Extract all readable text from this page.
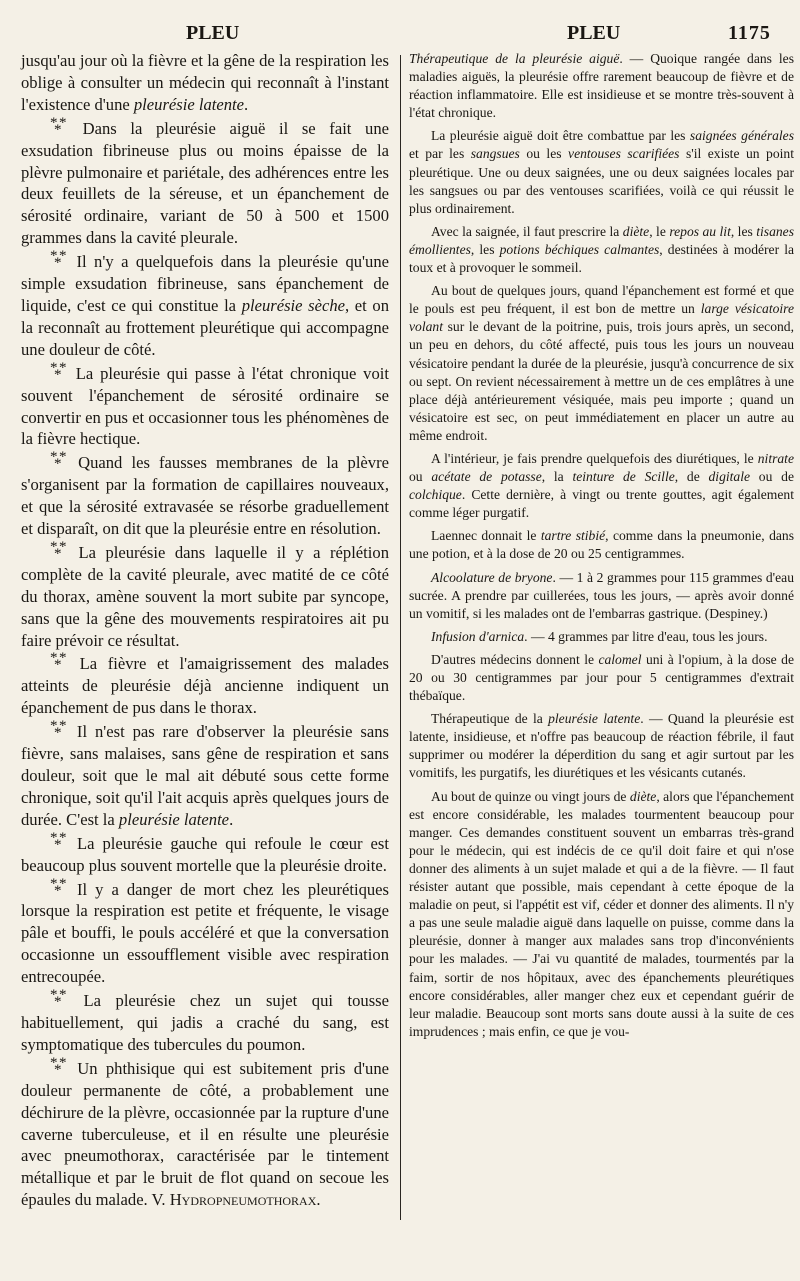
PLEU	PLEU	1175

jusqu'au jour où la fièvre et la gêne de la respiration les oblige à consulter un médecin qui reconnaît à l'instant l'existence d'une pleurésie latente.

* *
* Dans la pleurésie aiguë il se fait une exsudation fibrineuse plus ou moins épaisse de la plèvre pulmonaire et pariétale, des adhérences entre les deux feuillets de la séreuse, et un épanchement de sérosité ordinaire, variant de 50 à 500 et 1500 grammes dans la cavité pleurale.

* *
* Il n'y a quelquefois dans la pleurésie qu'une simple exsudation fibrineuse, sans épanchement de liquide, c'est ce qui constitue la pleurésie sèche, et on la reconnaît au frottement pleurétique qui accompagne une douleur de côté.

* *
* La pleurésie qui passe à l'état chronique voit souvent l'épanchement de sérosité ordinaire se convertir en pus et occasionner tous les phénomènes de la fièvre hectique.

* *
* Quand les fausses membranes de la plèvre s'organisent par la formation de capillaires nouveaux, et que la sérosité extravasée se résorbe graduellement et disparaît, on dit que la pleurésie entre en résolution.

* *
* La pleurésie dans laquelle il y a réplétion complète de la cavité pleurale, avec matité de ce côté du thorax, amène souvent la mort subite par syncope, sans que la gêne des mouvements respiratoires ait pu faire prévoir ce résultat.

* *
* La fièvre et l'amaigrissement des malades atteints de pleurésie déjà ancienne indiquent un épanchement de pus dans le thorax.

* *
* Il n'est pas rare d'observer la pleurésie sans fièvre, sans malaises, sans gêne de respiration et sans douleur, soit que le mal ait débuté sous cette forme chronique, soit qu'il l'ait acquis après quelques jours de durée. C'est la pleurésie latente.

* *
* La pleurésie gauche qui refoule le cœur est beaucoup plus souvent mortelle que la pleurésie droite.

* *
* Il y a danger de mort chez les pleurétiques lorsque la respiration est petite et fréquente, le visage pâle et bouffi, le pouls accéléré et que la conversation occasionne un essoufflement visible avec respiration entrecoupée.

* *
* La pleurésie chez un sujet qui tousse habituellement, qui jadis a craché du sang, est symptomatique des tubercules du poumon.

* *
* Un phthisique qui est subitement pris d'une douleur permanente de côté, a probablement une déchirure de la plèvre, occasionnée par la rupture d'une caverne tuberculeuse, et il en résulte une pleurésie avec pneumothorax, caractérisée par le tintement métallique et par le bruit de flot quand on secoue les épaules du malade. V. Hydropneumothorax.

Thérapeutique de la pleurésie aiguë. — Quoique rangée dans les maladies aiguës, la pleurésie offre rarement beaucoup de fièvre et de réaction inflammatoire. Elle est insidieuse et se montre très-souvent à l'état chronique.

La pleurésie aiguë doit être combattue par les saignées générales et par les sangsues ou les ventouses scarifiées s'il existe un point pleurétique. Une ou deux saignées, une ou deux saignées locales par les sangsues ou par des ventouses scarifiées, voilà ce qui réussit le plus ordinairement.

Avec la saignée, il faut prescrire la diète, le repos au lit, les tisanes émollientes, les potions béchiques calmantes, destinées à modérer la toux et à provoquer le sommeil.

Au bout de quelques jours, quand l'épanchement est formé et que le pouls est peu fréquent, il est bon de mettre un large vésicatoire volant sur le devant de la poitrine, puis, trois jours après, un second, un peu en dehors, du côté affecté, puis tous les jours un nouveau vésicatoire pendant la durée de la pleurésie, jusqu'à concurrence de six ou sept. On revient nécessairement à mettre un de ces emplâtres à une place déjà antérieurement vésiquée, mais peu importe ; quand un vésicatoire est sec, on peut immédiatement en placer un autre au même endroit.

A l'intérieur, je fais prendre quelquefois des diurétiques, le nitrate ou acétate de potasse, la teinture de Scille, de digitale ou de colchique. Cette dernière, à vingt ou trente gouttes, agit également comme léger purgatif.

Laennec donnait le tartre stibié, comme dans la pneumonie, dans une potion, et à la dose de 20 ou 25 centigrammes.

Alcoolature de bryone. — 1 à 2 grammes pour 115 grammes d'eau sucrée. A prendre par cuillerées, tous les jours, — après avoir donné un vomitif, si les malades ont de l'embarras gastrique. (Despiney.)

Infusion d'arnica. — 4 grammes par litre d'eau, tous les jours.

D'autres médecins donnent le calomel uni à l'opium, à la dose de 20 ou 30 centigrammes par jour pour 5 centigrammes d'extrait thébaïque.

Thérapeutique de la pleurésie latente. — Quand la pleurésie est latente, insidieuse, et n'offre pas beaucoup de réaction fébrile, il faut supprimer ou modérer la déperdition du sang et agir surtout par les vomitifs, les purgatifs, les diurétiques et les vésicants cutanés.

Au bout de quinze ou vingt jours de diète, alors que l'épanchement est encore considérable, les malades tourmentent beaucoup pour manger. Ces demandes constituent souvent un embarras très-grand pour le médecin, qui est indécis de ce qu'il doit faire et qui n'ose donner des aliments à un sujet malade et qui a de la fièvre. — Il faut résister autant que possible, mais cependant à cette époque de la maladie on peut, si l'appétit est vif, céder et donner des aliments. Il n'y a pas une seule maladie aiguë dans laquelle on puisse, comme dans la pleurésie, donner à manger aux malades sans trop d'inconvénients pour les malades. — J'ai vu quantité de malades, tourmentés par la faim, sortir de nos hôpitaux, avec des épanchements pleurétiques encore considérables, aller manger chez eux et cependant guérir de leur maladie. Beaucoup sont morts sans doute aussi à la suite de ces imprudences ; mais enfin, ce que je vou-
